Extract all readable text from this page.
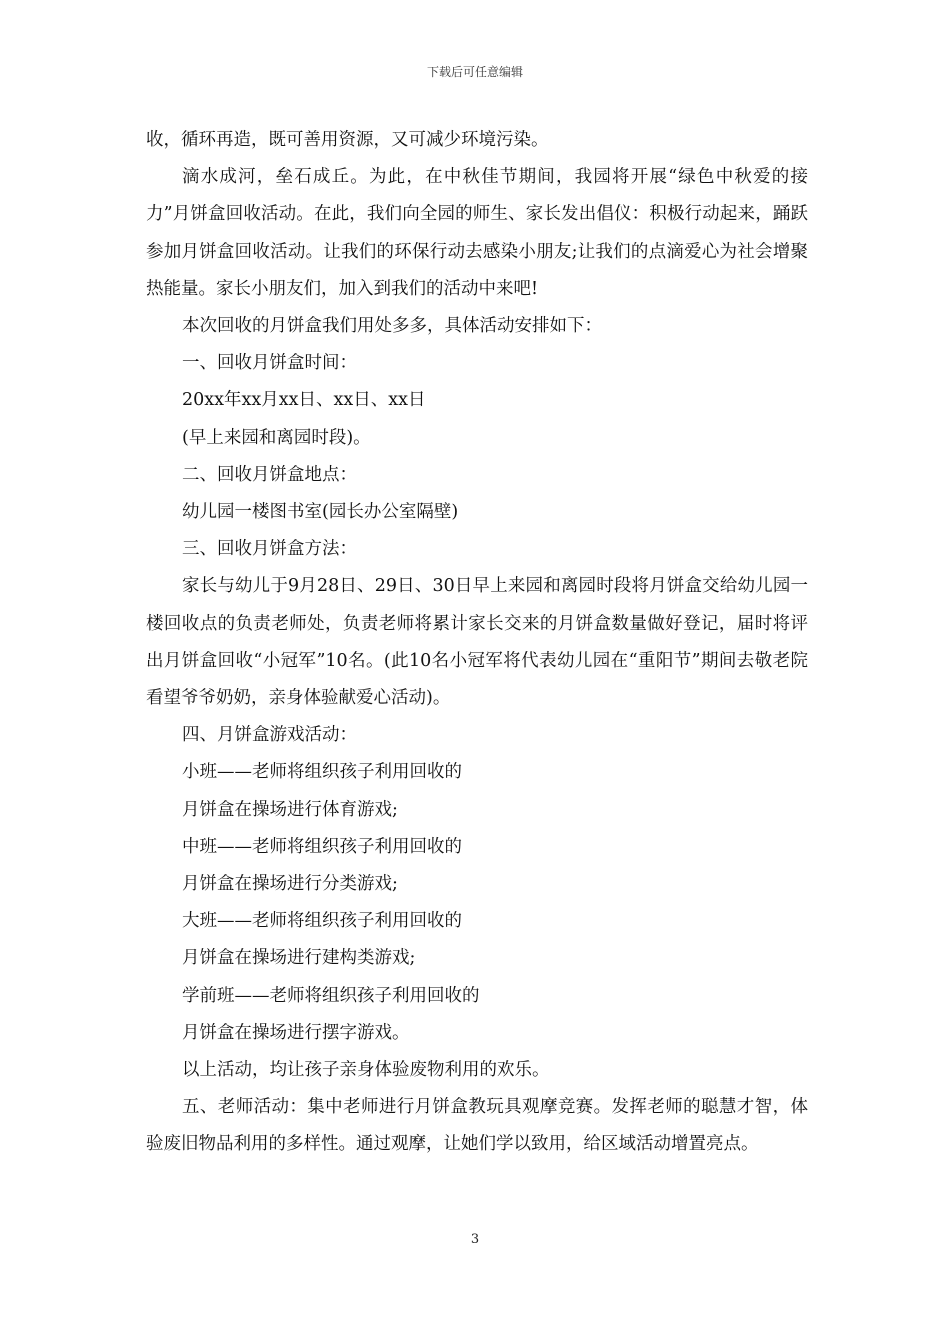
下载后可任意编辑

收，循环再造，既可善用资源，又可减少环境污染。

滴水成河，垒石成丘。为此，在中秋佳节期间，我园将开展“绿色中秋爱的接力”月饼盒回收活动。在此，我们向全园的师生、家长发出倡仪：积极行动起来，踊跃参加月饼盒回收活动。让我们的环保行动去感染小朋友;让我们的点滴爱心为社会增聚热能量。家长小朋友们，加入到我们的活动中来吧!

本次回收的月饼盒我们用处多多，具体活动安排如下：

一、回收月饼盒时间：

20xx年xx月xx日、xx日、xx日

(早上来园和离园时段)。

二、回收月饼盒地点：

幼儿园一楼图书室(园长办公室隔壁)

三、回收月饼盒方法：

家长与幼儿于9月28日、29日、30日早上来园和离园时段将月饼盒交给幼儿园一楼回收点的负责老师处，负责老师将累计家长交来的月饼盒数量做好登记，届时将评出月饼盒回收“小冠军”10名。(此10名小冠军将代表幼儿园在“重阳节”期间去敬老院看望爷爷奶奶，亲身体验献爱心活动)。

四、月饼盒游戏活动：

小班——老师将组织孩子利用回收的

月饼盒在操场进行体育游戏;

中班——老师将组织孩子利用回收的

月饼盒在操场进行分类游戏;

大班——老师将组织孩子利用回收的

月饼盒在操场进行建构类游戏;

学前班——老师将组织孩子利用回收的

月饼盒在操场进行摆字游戏。

以上活动，均让孩子亲身体验废物利用的欢乐。

五、老师活动：集中老师进行月饼盒教玩具观摩竞赛。发挥老师的聪慧才智，体验废旧物品利用的多样性。通过观摩，让她们学以致用，给区域活动增置亮点。

3
